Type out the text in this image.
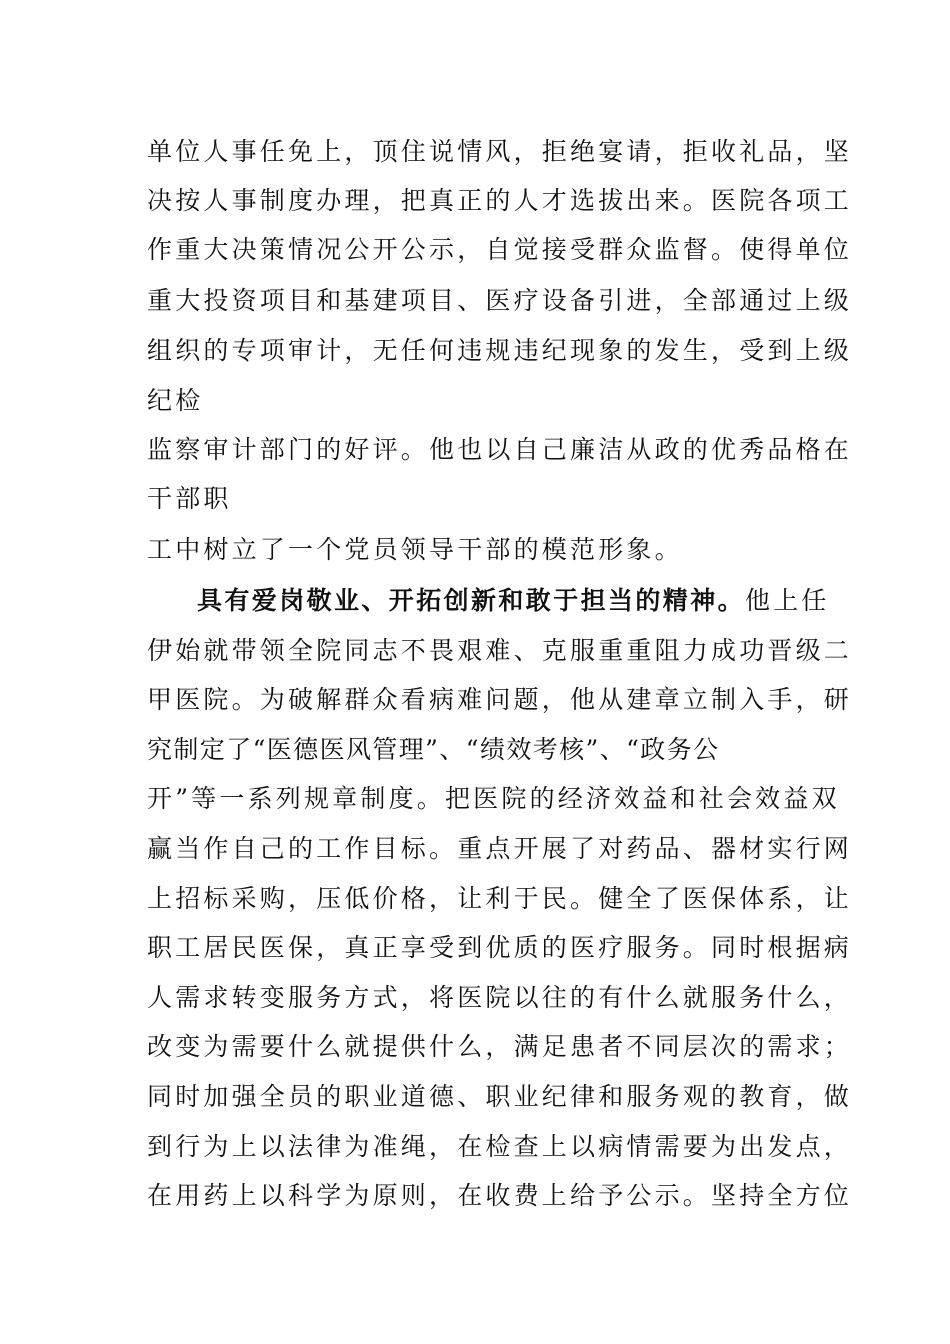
单位人事任免上，顶住说情风，拒绝宴请，拒收礼品，坚
决按人事制度办理，把真正的人才选拔出来。医院各项工
作重大决策情况公开公示，自觉接受群众监督。使得单位
重大投资项目和基建项目、医疗设备引进，全部通过上级
组织的专项审计，无任何违规违纪现象的发生，受到上级
纪检
监察审计部门的好评。他也以自己廉洁从政的优秀品格在
干部职
工中树立了一个党员领导干部的模范形象。
具有爱岗敬业、开拓创新和敢于担当的精神。他上任
伊始就带领全院同志不畏艰难、克服重重阻力成功晋级二
甲医院。为破解群众看病难问题，他从建章立制入手，研
究制定了“医德医风管理”、“绩效考核”、“政务公
开”等一系列规章制度。把医院的经济效益和社会效益双
赢当作自己的工作目标。重点开展了对药品、器材实行网
上招标采购，压低价格，让利于民。健全了医保体系，让
职工居民医保，真正享受到优质的医疗服务。同时根据病
人需求转变服务方式，将医院以往的有什么就服务什么，
改变为需要什么就提供什么，满足患者不同层次的需求；
同时加强全员的职业道德、职业纪律和服务观的教育，做
到行为上以法律为准绳，在检查上以病情需要为出发点，
在用药上以科学为原则，在收费上给予公示。坚持全方位
